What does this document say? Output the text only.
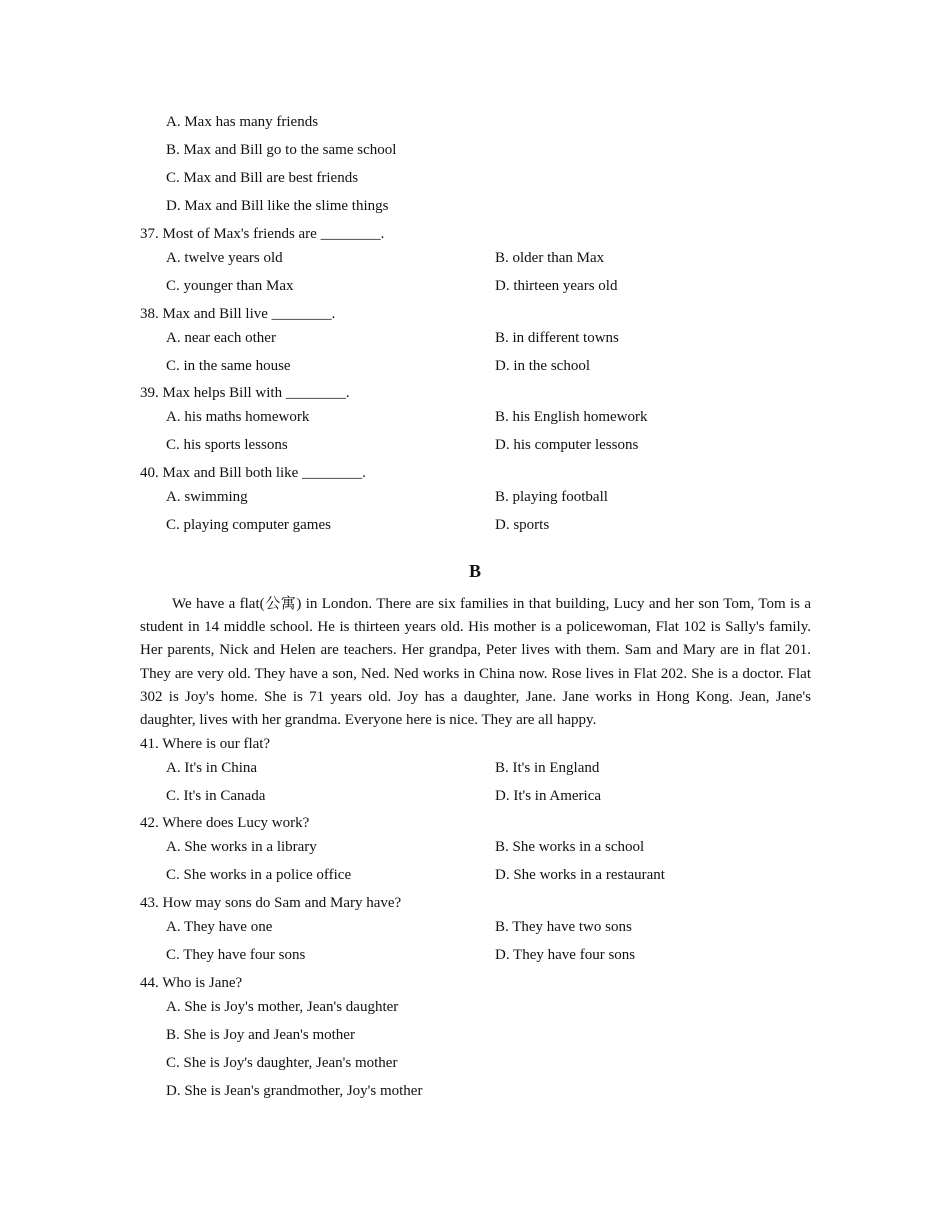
A. Max has many friends
B. Max and Bill go to the same school
C. Max and Bill are best friends
D. Max and Bill like the slime things
37. Most of Max's friends are ________.
A. twelve years old	B. older than Max
C. younger than Max	D. thirteen years old
38. Max and Bill live ________.
A. near each other	B. in different towns
C. in the same house	D. in the school
39. Max helps Bill with ________.
A. his maths homework	B. his English homework
C. his sports lessons	D. his computer lessons
40. Max and Bill both like ________.
A. swimming	B. playing football
C. playing computer games	D. sports
B
We have a flat(公寓) in London. There are six families in that building, Lucy and her son Tom, Tom is a student in 14 middle school. He is thirteen years old. His mother is a policewoman, Flat 102 is Sally's family. Her parents, Nick and Helen are teachers. Her grandpa, Peter lives with them. Sam and Mary are in flat 201. They are very old. They have a son, Ned. Ned works in China now. Rose lives in Flat 202. She is a doctor. Flat 302 is Joy's home. She is 71 years old. Joy has a daughter, Jane. Jane works in Hong Kong. Jean, Jane's daughter, lives with her grandma. Everyone here is nice. They are all happy.
41. Where is our flat?
A. It's in China	B. It's in England
C. It's in Canada	D. It's in America
42. Where does Lucy work?
A. She works in a library	B. She works in a school
C. She works in a police office	D. She works in a restaurant
43. How may sons do Sam and Mary have?
A. They have one	B. They have two sons
C. They have four sons	D. They have four sons
44. Who is Jane?
A. She is Joy's mother, Jean's daughter
B. She is Joy and Jean's mother
C. She is Joy's daughter, Jean's mother
D. She is Jean's grandmother, Joy's mother
